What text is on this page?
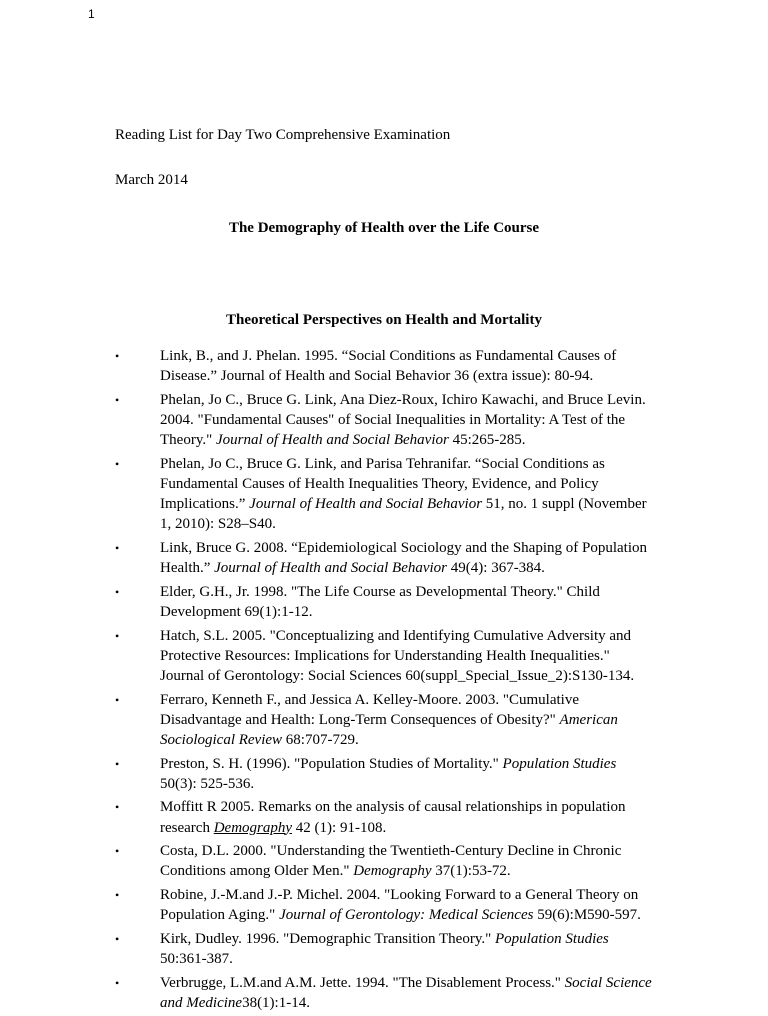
1
Reading List for Day Two Comprehensive Examination
March 2014
The Demography of Health over the Life Course
Theoretical Perspectives on Health and Mortality
•	Link, B., and J. Phelan. 1995. “Social Conditions as Fundamental Causes of Disease.” Journal of Health and Social Behavior 36 (extra issue): 80-94.
•	Phelan, Jo C., Bruce G. Link, Ana Diez-Roux, Ichiro Kawachi, and Bruce Levin. 2004. "Fundamental Causes" of Social Inequalities in Mortality: A Test of the Theory." Journal of Health and Social Behavior 45:265-285.
•	Phelan, Jo C., Bruce G. Link, and Parisa Tehranifar. “Social Conditions as Fundamental Causes of Health Inequalities Theory, Evidence, and Policy Implications.” Journal of Health and Social Behavior 51, no. 1 suppl (November 1, 2010): S28–S40.
•	Link, Bruce G. 2008. “Epidemiological Sociology and the Shaping of Population Health.” Journal of Health and Social Behavior 49(4): 367-384.
•	Elder, G.H., Jr. 1998. "The Life Course as Developmental Theory." Child Development 69(1):1-12.
•	Hatch, S.L. 2005. "Conceptualizing and Identifying Cumulative Adversity and Protective Resources: Implications for Understanding Health Inequalities." Journal of Gerontology: Social Sciences 60(suppl_Special_Issue_2):S130-134.
•	Ferraro, Kenneth F., and Jessica A. Kelley-Moore. 2003. "Cumulative Disadvantage and Health: Long-Term Consequences of Obesity?" American Sociological Review 68:707-729.
•	Preston, S. H. (1996). "Population Studies of Mortality." Population Studies 50(3): 525-536.
•	Moffitt R 2005. Remarks on the analysis of causal relationships in population research Demography 42 (1): 91-108.
•	Costa, D.L. 2000. "Understanding the Twentieth-Century Decline in Chronic Conditions among Older Men." Demography 37(1):53-72.
•	Robine, J.-M.and J.-P. Michel. 2004. "Looking Forward to a General Theory on Population Aging." Journal of Gerontology: Medical Sciences 59(6):M590-597.
•	Kirk, Dudley. 1996. "Demographic Transition Theory." Population Studies 50:361-387.
•	Verbrugge, L.M.and A.M. Jette. 1994. "The Disablement Process." Social Science and Medicine38(1):1-14.
